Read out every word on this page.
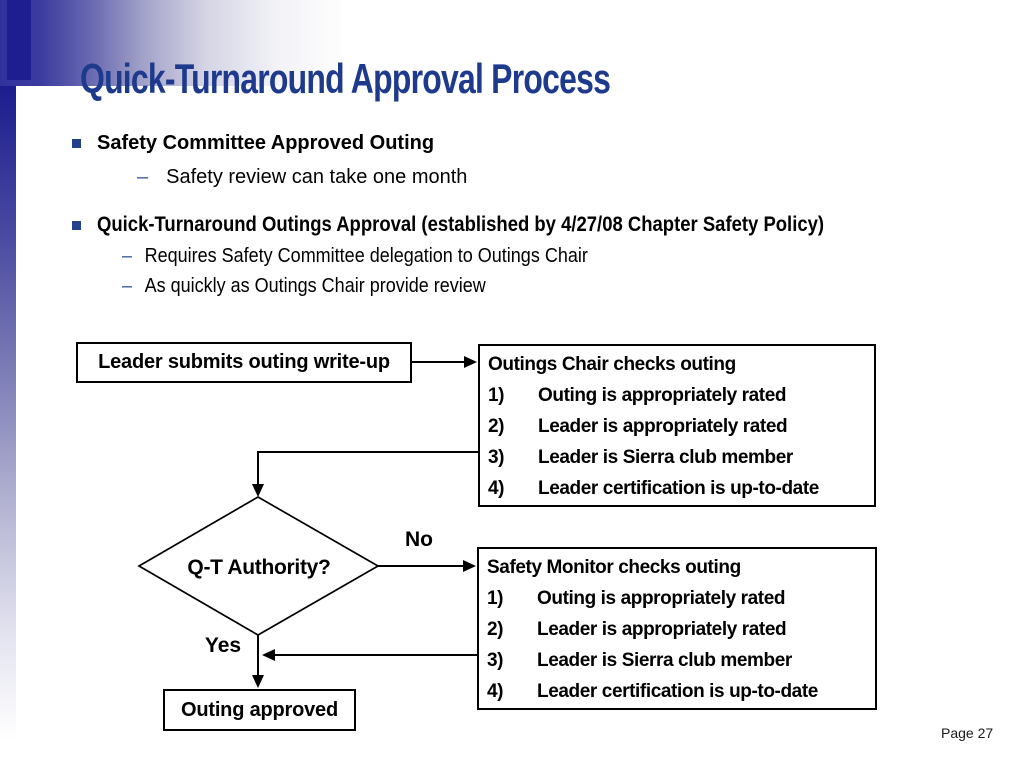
Quick-Turnaround Approval Process
Safety Committee Approved Outing
– Safety review can take one month
Quick-Turnaround Outings Approval (established by 4/27/08 Chapter Safety Policy)
– Requires Safety Committee delegation to Outings Chair
– As quickly as Outings Chair provide review
Leader submits outing write-up	Outings Chair checks outing
1)	Outing is appropriately rated
2)	Leader is appropriately rated
3)	Leader is Sierra club member
4)	Leader certification is up-to-date
Q-T Authority?
No
Yes
Safety Monitor checks outing
1)	Outing is appropriately rated
2)	Leader is appropriately rated
3)	Leader is Sierra club member
4)	Leader certification is up-to-date
Outing approved
Page 27
